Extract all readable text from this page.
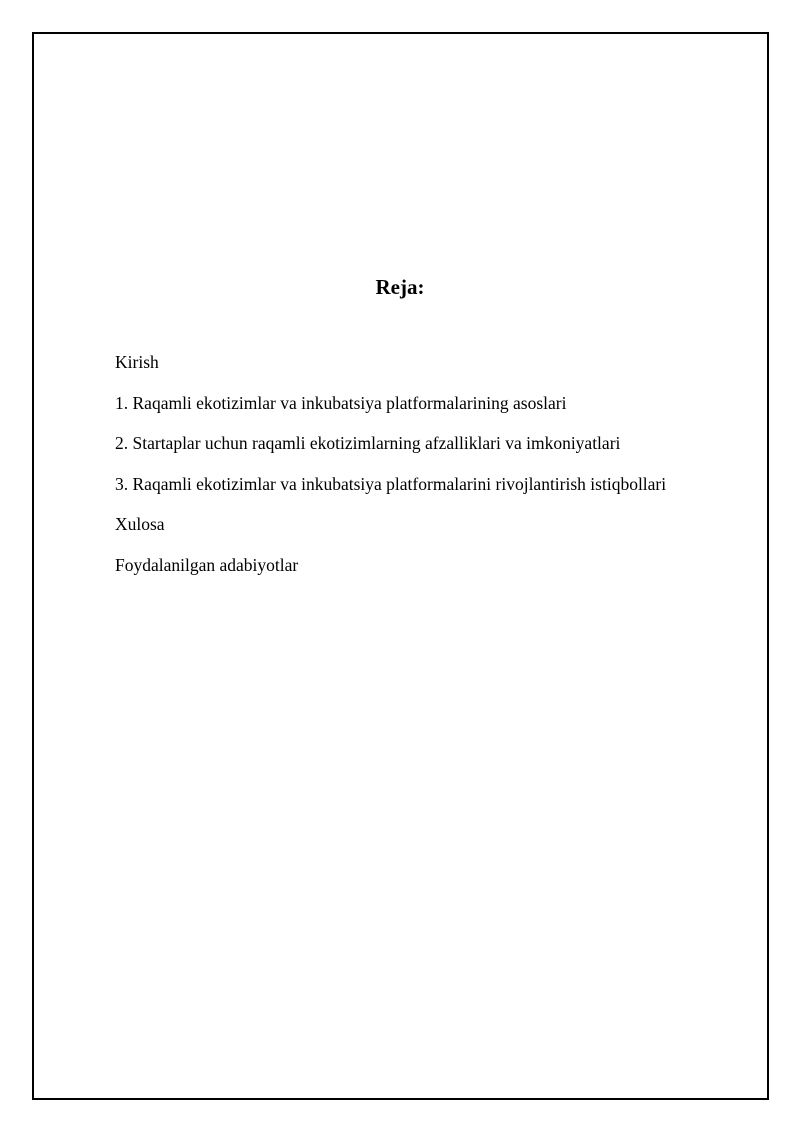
Reja:
Kirish
1. Raqamli ekotizimlar va inkubatsiya platformalarining asoslari
2. Startaplar uchun raqamli ekotizimlarning afzalliklari va imkoniyatlari
3. Raqamli ekotizimlar va inkubatsiya platformalarini rivojlantirish istiqbollari
Xulosa
Foydalanilgan adabiyotlar
